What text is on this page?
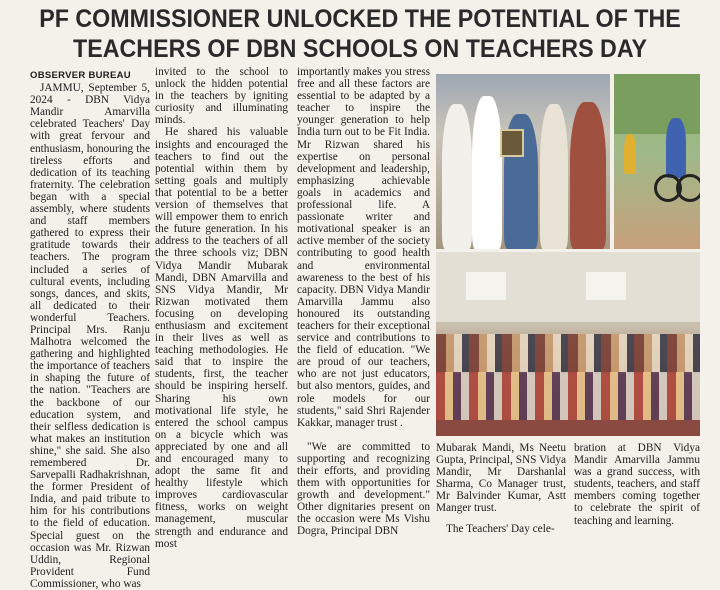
PF COMMISSIONER UNLOCKED THE POTENTIAL OF THE
TEACHERS OF DBN SCHOOLS ON TEACHERS DAY

OBSERVER BUREAU

JAMMU, September 5, 2024 - DBN Vidya Mandir Amarvilla celebrated Teachers' Day with great fervour and enthusiasm, honouring the tireless efforts and dedication of its teaching fraternity. The celebration began with a special assembly, where students and staff members gathered to express their gratitude towards their teachers. The program included a series of cultural events, including songs, dances, and skits, all dedicated to their wonderful Teachers. Principal Mrs. Ranju Malhotra welcomed the gathering and highlighted the importance of teachers in shaping the future of the nation. "Teachers are the backbone of our education system, and their selfless dedication is what makes an institution shine," she said. She also remembered Dr. Sarvepalli Radhakrishnan, the former President of India, and paid tribute to him for his contributions to the field of education. Special guest on the occasion was Mr. Rizwan Uddin, Regional Provident Fund Commissioner, who was

invited to the school to unlock the hidden potential in the teachers by igniting curiosity and illuminating minds.

He shared his valuable insights and encouraged the teachers to find out the potential within them by setting goals and multiply that potential to be a better version of themselves that will empower them to enrich the future generation. In his address to the teachers of all the three schools viz; DBN Vidya Mandir Mubarak Mandi, DBN Amarvilla and SNS Vidya Mandir, Mr Rizwan motivated them focusing on developing enthusiasm and excitement in their lives as well as teaching methodologies. He said that to inspire the students, first, the teacher should be inspiring herself. Sharing his own motivational life style, he entered the school campus on a bicycle which was appreciated by one and all and encouraged many to adopt the same fit and healthy lifestyle which improves cardiovascular fitness, works on weight management, muscular strength and endurance and most

importantly makes you stress free and all these factors are essential to be adapted by a teacher to inspire the younger generation to help India turn out to be Fit India. Mr Rizwan shared his expertise on personal development and leadership, emphasizing achievable goals in academics and professional life. A passionate writer and motivational speaker is an active member of the society contributing to good health and environmental awareness to the best of his capacity. DBN Vidya Mandir Amarvilla Jammu also honoured its outstanding teachers for their exceptional service and contributions to the field of education. "We are proud of our teachers, who are not just educators, but also mentors, guides, and role models for our students," said Shri Rajender Kakkar, manager trust .

"We are committed to supporting and recognizing their efforts, and providing them with opportunities for growth and development." Other dignitaries present on the occasion were Ms Vishu Dogra, Principal DBN

Mubarak Mandi, Ms Neetu Gupta, Principal, SNS Vidya Mandir, Mr Darshanlal Sharma, Co Manager trust, Mr Balvinder Kumar, Astt Manger trust.

The Teachers' Day cele-

bration at DBN Vidya Mandir Amarvilla Jammu was a grand success, with students, teachers, and staff members coming together to celebrate the spirit of teaching and learning.
